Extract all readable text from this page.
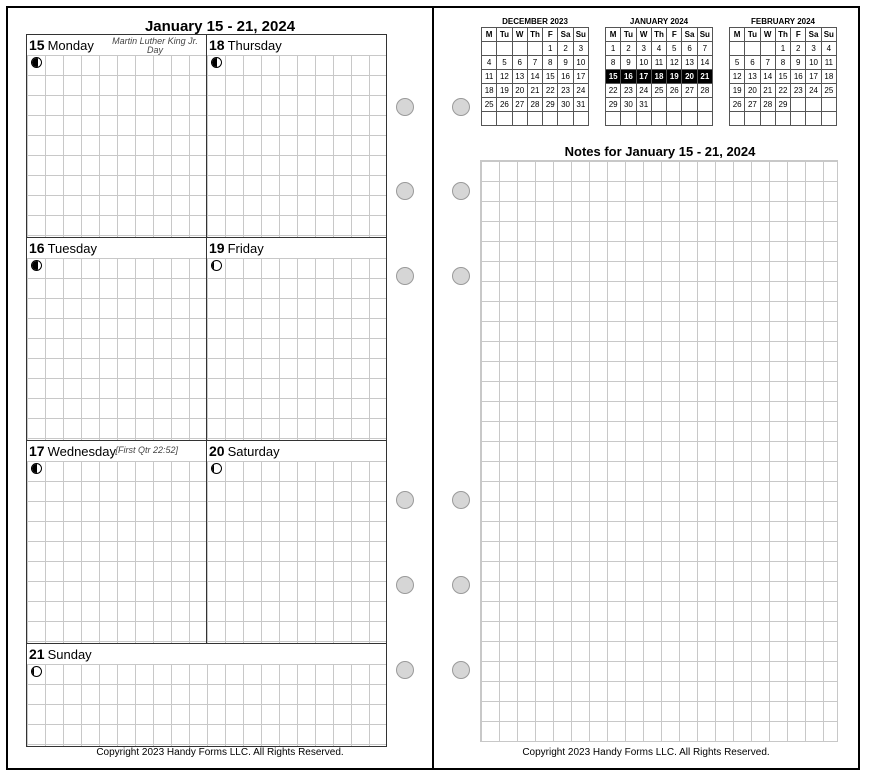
January 15 - 21, 2024
15 Monday	Martin Luther King Jr. Day	18 Thursday
16 Tuesday	19 Friday
17 Wednesday [First Qtr 22:52] 20 Saturday
21 Sunday
Copyright 2023 Handy Forms LLC. All Rights Reserved.
DECEMBER 2023
M	Tu	W	Th	F	Sa	Su
				1	2	3
4	5	6	7	8	9	10
11	12	13	14	15	16	17
18	19	20	21	22	23	24
25	26	27	28	29	30	31

JANUARY 2024
M	Tu	W	Th	F	Sa	Su
1	2	3	4	5	6	7
8	9	10	11	12	13	14
15	16	17	18	19	20	21
22	23	24	25	26	27	28
29	30	31				

FEBRUARY 2024
M	Tu	W	Th	F	Sa	Su
			1	2	3	4
5	6	7	8	9	10	11
12	13	14	15	16	17	18
19	20	21	22	23	24	25
26	27	28	29			

Notes for January 15 - 21, 2024
Copyright 2023 Handy Forms LLC. All Rights Reserved.
